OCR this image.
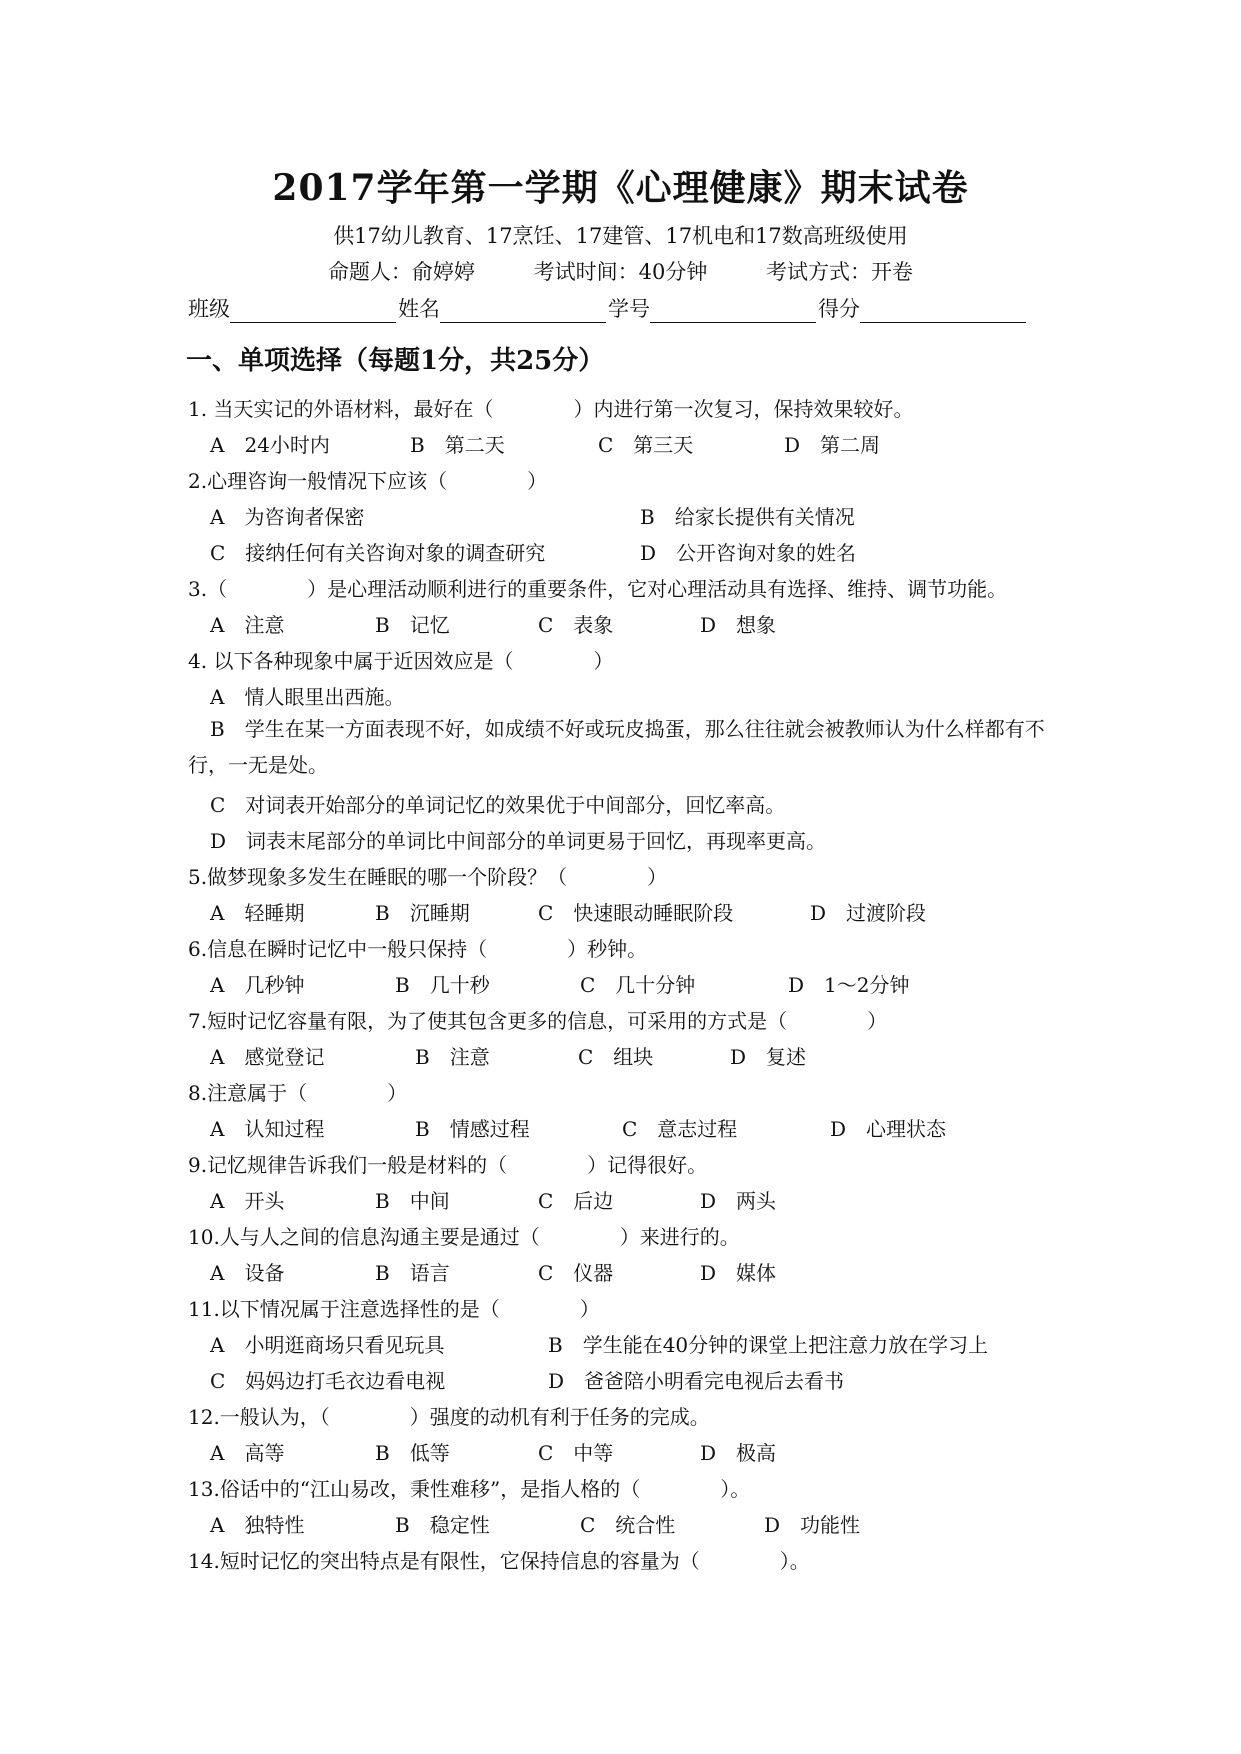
2017学年第一学期《心理健康》期末试卷
供17幼儿教育、17烹饪、17建管、17机电和17数高班级使用
命题人：俞婷婷	考试时间：40分钟	考试方式：开卷
班级	姓名	学号	得分
一、单项选择（每题1分，共25分）
1. 当天实记的外语材料，最好在（　　　　）内进行第一次复习，保持效果较好。
A　24小时内	B　第二天	C　第三天	D　第二周
2.心理咨询一般情况下应该（　　　　）
A　为咨询者保密	B　给家长提供有关情况
C　接纳任何有关咨询对象的调查研究	D　公开咨询对象的姓名
3.（　　　　）是心理活动顺利进行的重要条件，它对心理活动具有选择、维持、调节功能。
A　注意	B　记忆	C　表象	D　想象
4. 以下各种现象中属于近因效应是（　　　　）
A　情人眼里出西施。
B　学生在某一方面表现不好，如成绩不好或玩皮捣蛋，那么往往就会被教师认为什么样都有不行，一无是处。
C　对词表开始部分的单词记忆的效果优于中间部分，回忆率高。
D　词表末尾部分的单词比中间部分的单词更易于回忆，再现率更高。
5.做梦现象多发生在睡眠的哪一个阶段？（　　　　）
A　轻睡期	B　沉睡期	C　快速眼动睡眠阶段	D　过渡阶段
6.信息在瞬时记忆中一般只保持（　　　　）秒钟。
A　几秒钟	B　几十秒	C　几十分钟	D　1～2分钟
7.短时记忆容量有限，为了使其包含更多的信息，可采用的方式是（　　　　）
A　感觉登记	B　注意	C　组块	D　复述
8.注意属于（　　　　）
A　认知过程	B　情感过程	C　意志过程	D　心理状态
9.记忆规律告诉我们一般是材料的（　　　　）记得很好。
A　开头	B　中间	C　后边	D　两头
10.人与人之间的信息沟通主要是通过（　　　　）来进行的。
A　设备	B　语言	C　仪器	D　媒体
11.以下情况属于注意选择性的是（　　　　）
A　小明逛商场只看见玩具	B　学生能在40分钟的课堂上把注意力放在学习上
C　妈妈边打毛衣边看电视	D　爸爸陪小明看完电视后去看书
12.一般认为，（　　　　）强度的动机有利于任务的完成。
A　高等	B　低等	C　中等	D　极高
13.俗话中的“江山易改，秉性难移”，是指人格的（　　　　）。
A　独特性	B　稳定性	C　统合性	D　功能性
14.短时记忆的突出特点是有限性，它保持信息的容量为（　　　　）。
